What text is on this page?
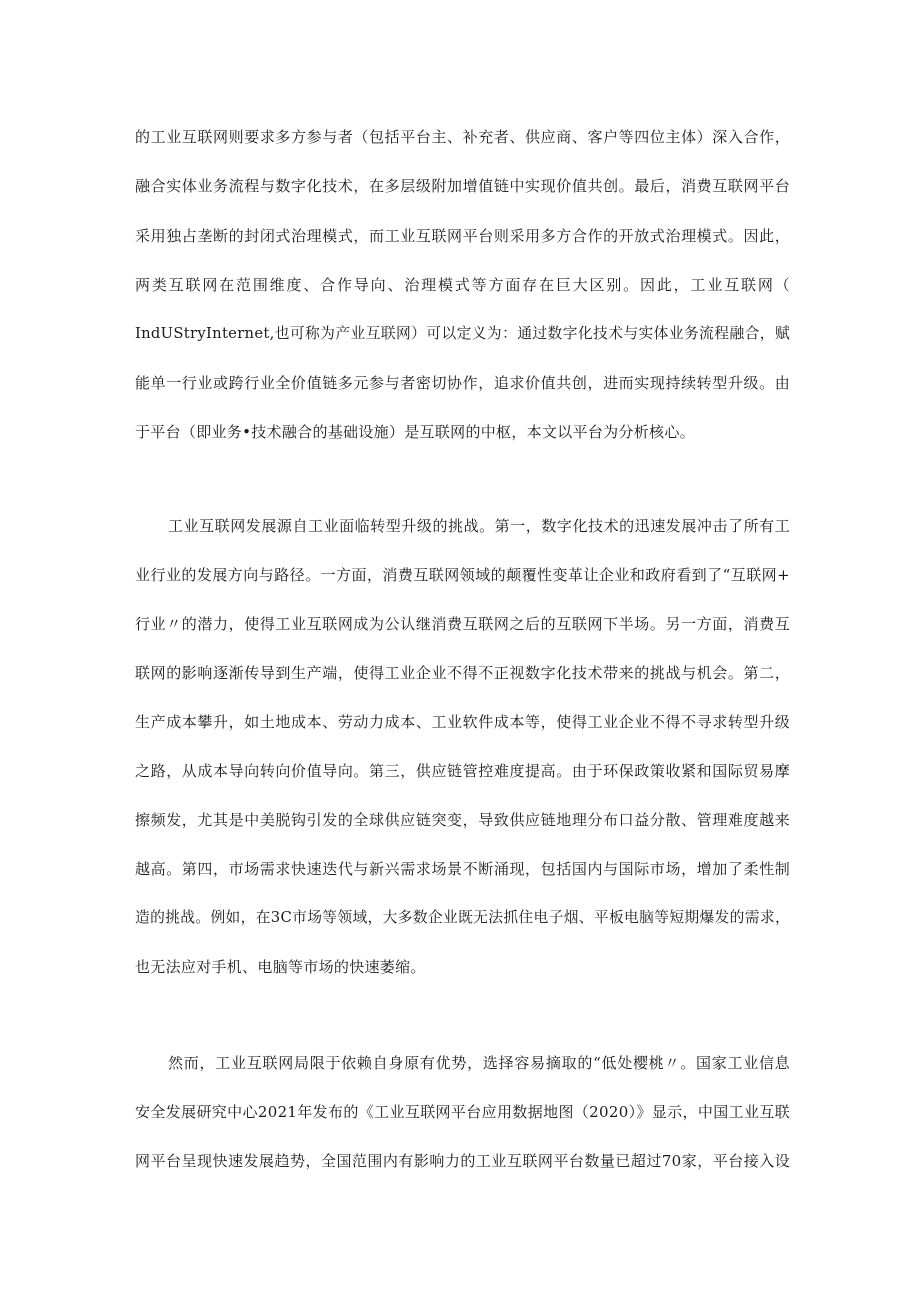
的工业互联网则要求多方参与者（包括平台主、补充者、供应商、客户等四位主体）深入合作，
融合实体业务流程与数字化技术，在多层级附加增值链中实现价值共创。最后，消费互联网平台
采用独占垄断的封闭式治理模式，而工业互联网平台则采用多方合作的开放式治理模式。因此，
两类互联网在范围维度、合作导向、治理模式等方面存在巨大区别。因此，工业互联网（
IndUStryInternet,也可称为产业互联网）可以定义为：通过数字化技术与实体业务流程融合，赋
能单一行业或跨行业全价值链多元参与者密切协作，追求价值共创，进而实现持续转型升级。由
于平台（即业务•技术融合的基础设施）是互联网的中枢，本文以平台为分析核心。
工业互联网发展源自工业面临转型升级的挑战。第一，数字化技术的迅速发展冲击了所有工
业行业的发展方向与路径。一方面，消费互联网领域的颠覆性变革让企业和政府看到了“互联网+
行业〃的潜力，使得工业互联网成为公认继消费互联网之后的互联网下半场。另一方面，消费互
联网的影响逐渐传导到生产端，使得工业企业不得不正视数字化技术带来的挑战与机会。第二，
生产成本攀升，如土地成本、劳动力成本、工业软件成本等，使得工业企业不得不寻求转型升级
之路，从成本导向转向价值导向。第三，供应链管控难度提高。由于环保政策收紧和国际贸易摩
擦频发，尤其是中美脱钩引发的全球供应链突变，导致供应链地理分布口益分散、管理难度越来
越高。第四，市场需求快速迭代与新兴需求场景不断涌现，包括国内与国际市场，增加了柔性制
造的挑战。例如，在3C市场等领域，大多数企业既无法抓住电子烟、平板电脑等短期爆发的需求，
也无法应对手机、电脑等市场的快速萎缩。
然而，工业互联网局限于依赖自身原有优势，选择容易摘取的“低处樱桃〃。国家工业信息
安全发展研究中心2021年发布的《工业互联网平台应用数据地图（2020）》显示，中国工业互联
网平台呈现快速发展趋势，全国范围内有影响力的工业互联网平台数量已超过70家，平台接入设
